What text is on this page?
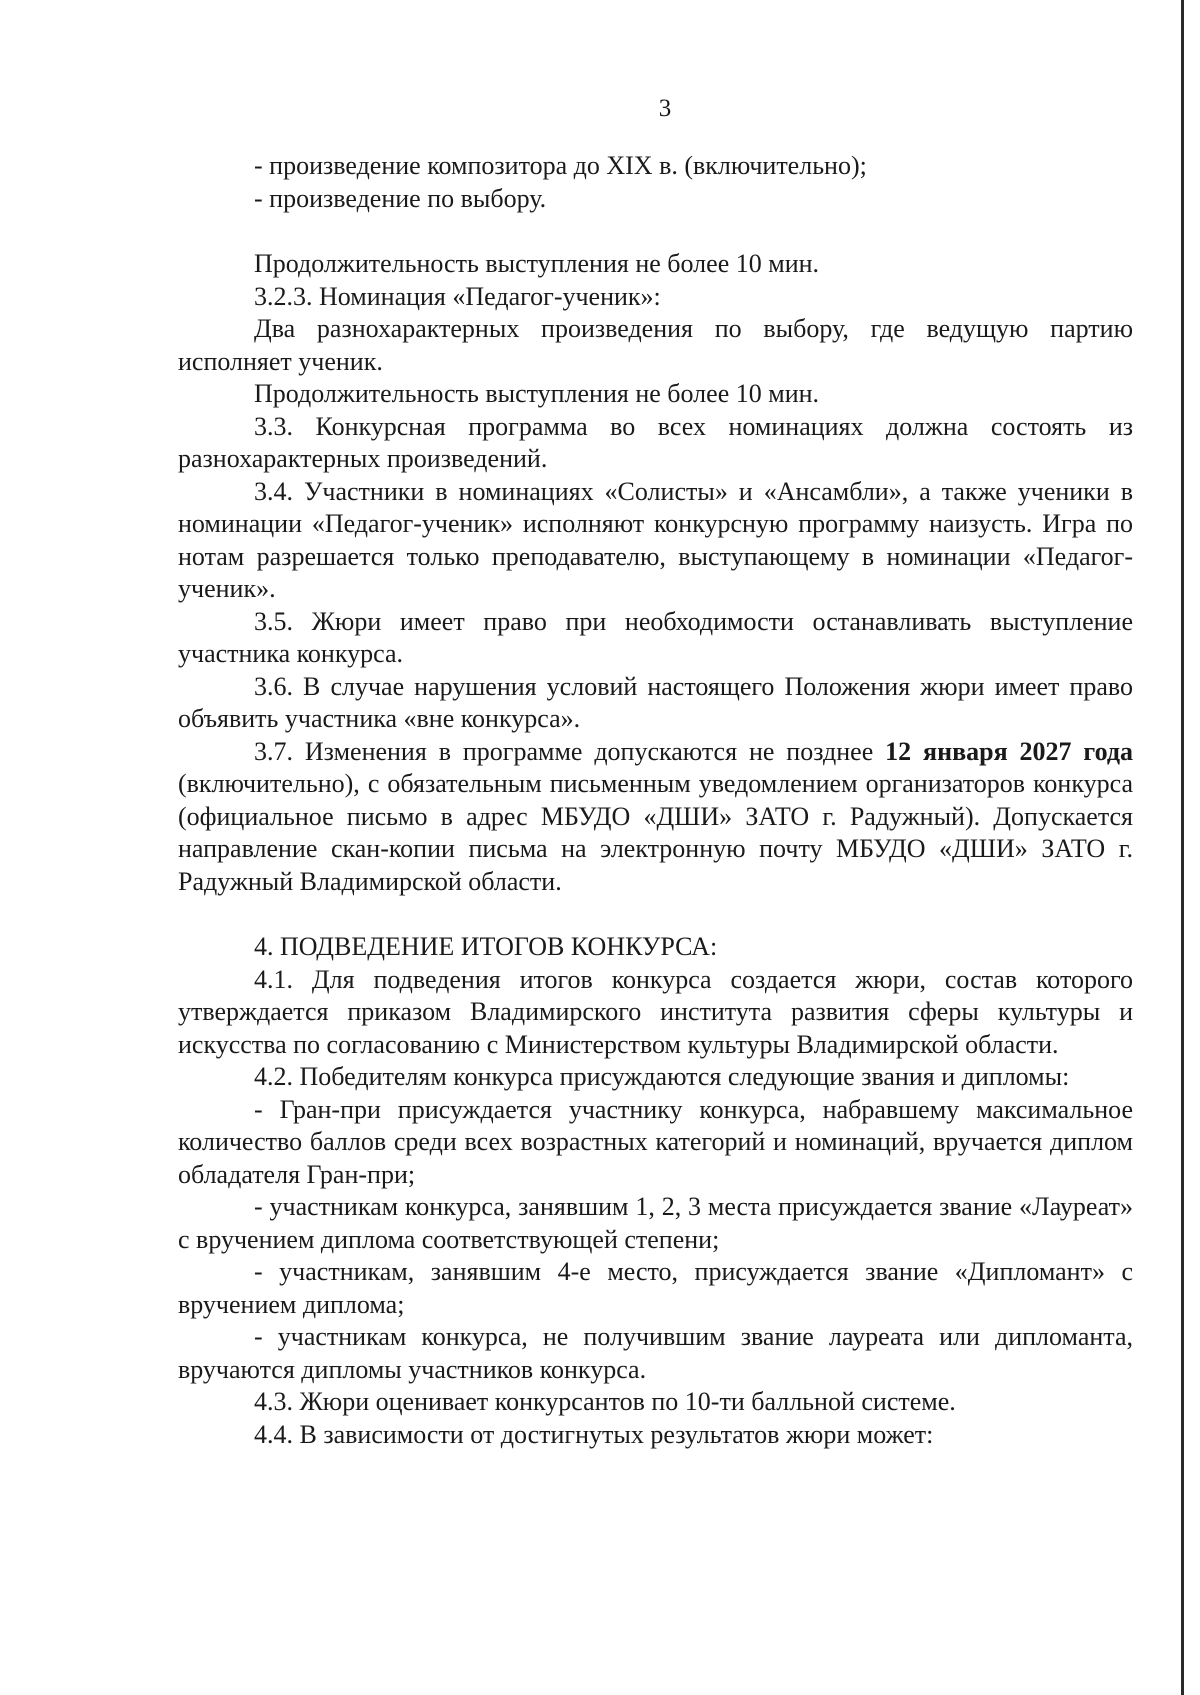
3

- произведение композитора до XIX в. (включительно);

- произведение по выбору.

Продолжительность выступления не более 10 мин.

3.2.3. Номинация «Педагог-ученик»:

Два разнохарактерных произведения по выбору, где ведущую партию исполняет ученик.

Продолжительность выступления не более 10 мин.

3.3. Конкурсная программа во всех номинациях должна состоять из разнохарактерных произведений.

3.4. Участники в номинациях «Солисты» и «Ансамбли», а также ученики в номинации «Педагог-ученик» исполняют конкурсную программу наизусть. Игра по нотам разрешается только преподавателю, выступающему в номинации «Педагог-ученик».

3.5. Жюри имеет право при необходимости останавливать выступление участника конкурса.

3.6. В случае нарушения условий настоящего Положения жюри имеет право объявить участника «вне конкурса».

3.7. Изменения в программе допускаются не позднее 12 января 2027 года (включительно), с обязательным письменным уведомлением организаторов конкурса (официальное письмо в адрес МБУДО «ДШИ» ЗАТО г. Радужный). Допускается направление скан-копии письма на электронную почту МБУДО «ДШИ» ЗАТО г. Радужный Владимирской области.

4. ПОДВЕДЕНИЕ ИТОГОВ КОНКУРСА:

4.1. Для подведения итогов конкурса создается жюри, состав которого утверждается приказом Владимирского института развития сферы культуры и искусства по согласованию с Министерством культуры Владимирской области.

4.2. Победителям конкурса присуждаются следующие звания и дипломы:

- Гран-при присуждается участнику конкурса, набравшему максимальное количество баллов среди всех возрастных категорий и номинаций, вручается диплом обладателя Гран-при;

- участникам конкурса, занявшим 1, 2, 3 места присуждается звание «Лауреат» с вручением диплома соответствующей степени;

- участникам, занявшим 4-е место, присуждается звание «Дипломант» с вручением диплома;

- участникам конкурса, не получившим звание лауреата или дипломанта, вручаются дипломы участников конкурса.

4.3. Жюри оценивает конкурсантов по 10-ти балльной системе.

4.4. В зависимости от достигнутых результатов жюри может:
